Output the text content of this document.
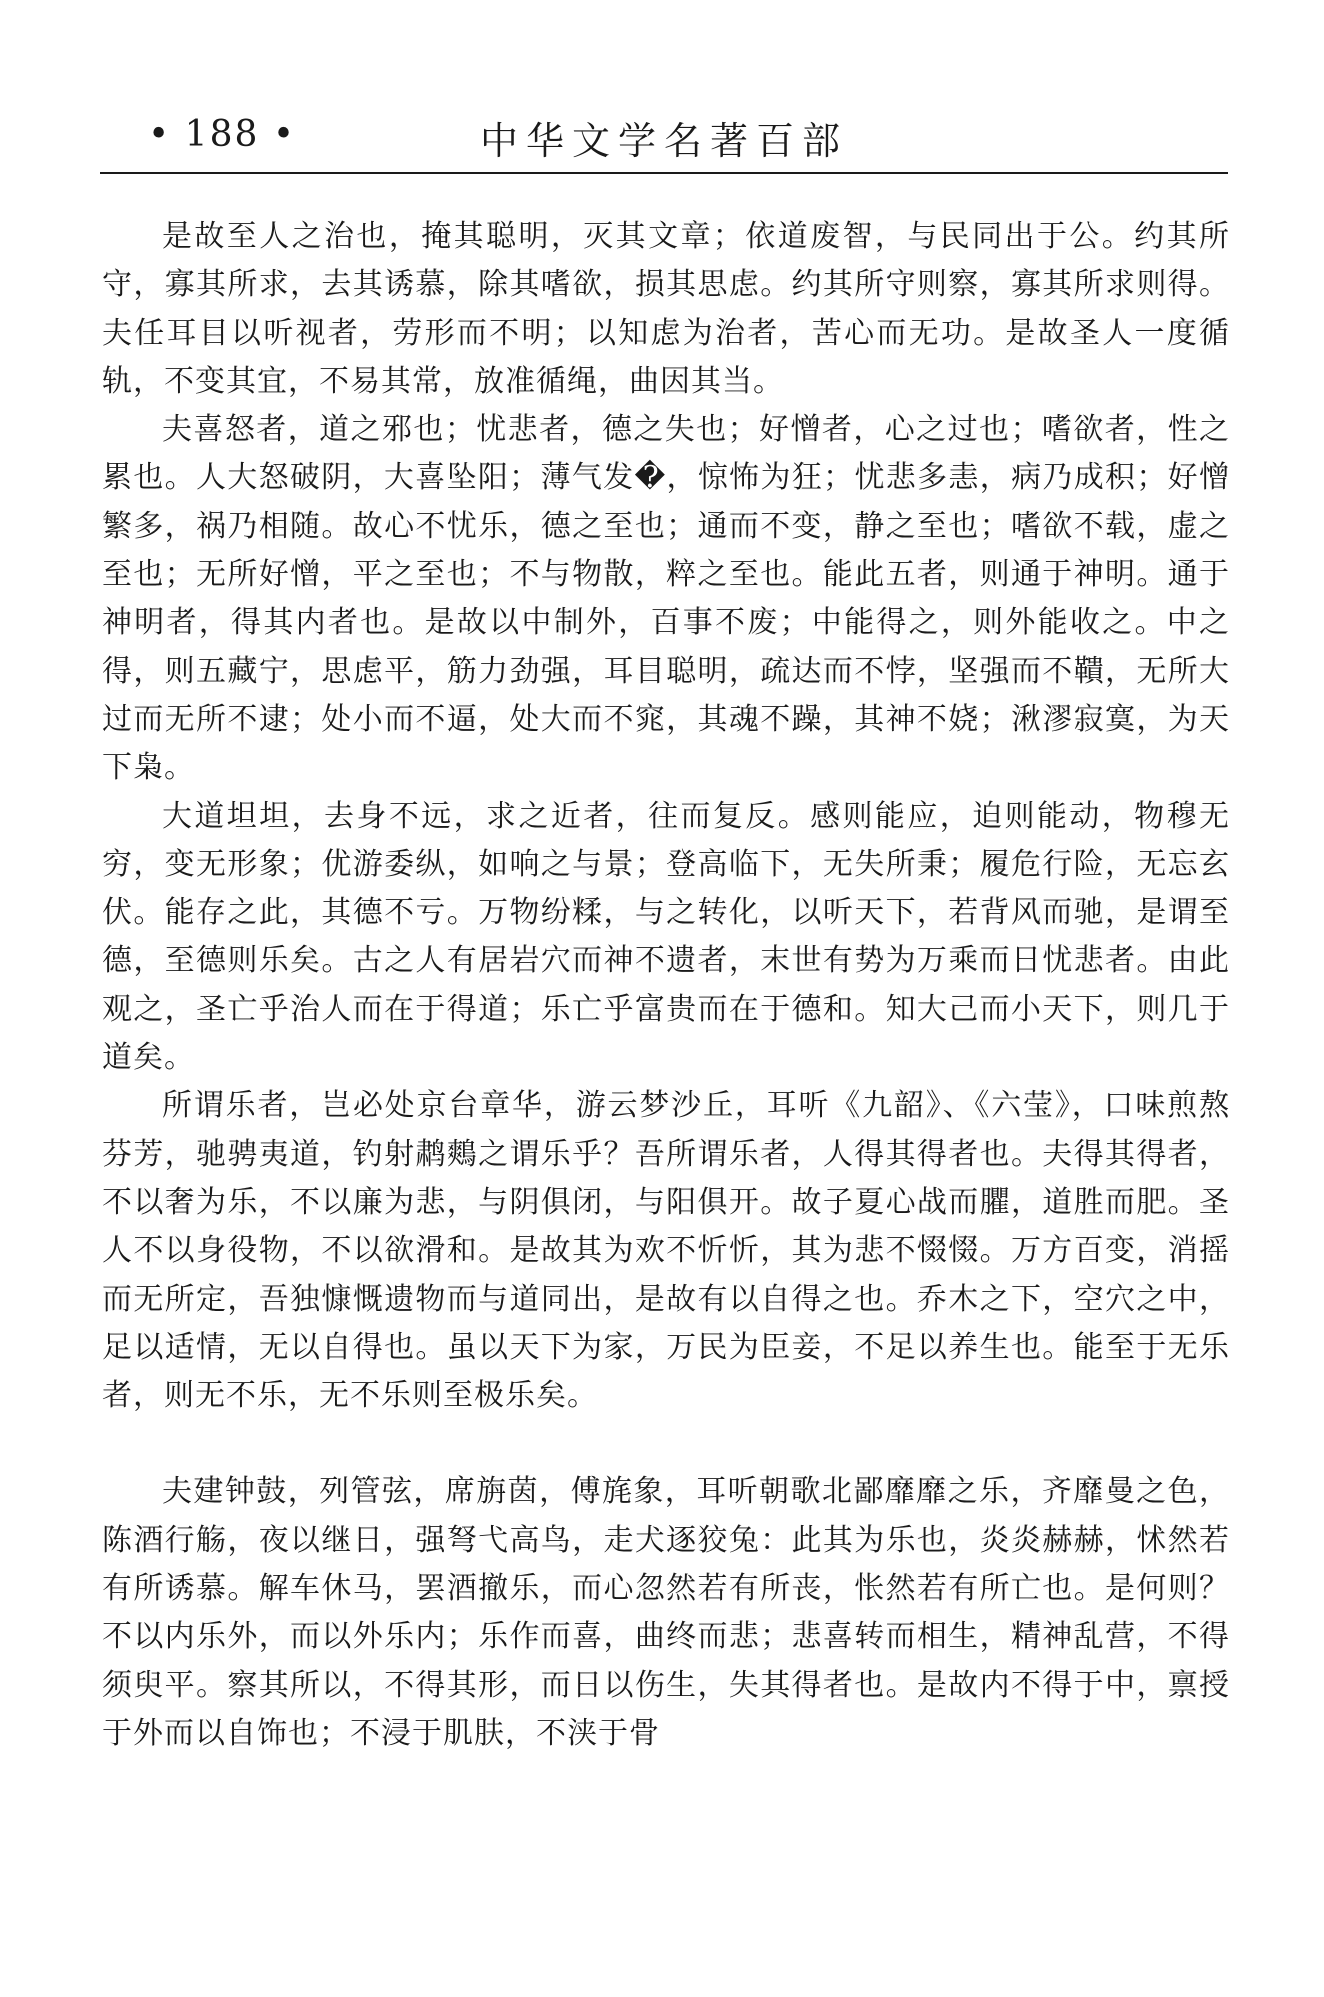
• 188 •	中华文学名著百部

是故至人之治也，掩其聪明，灭其文章；依道废智，与民同出于公。约其所守，寡其所求，去其诱慕，除其嗜欲，损其思虑。约其所守则察，寡其所求则得。夫任耳目以听视者，劳形而不明；以知虑为治者，苦心而无功。是故圣人一度循轨，不变其宜，不易其常，放准循绳，曲因其当。

夫喜怒者，道之邪也；忧悲者，德之失也；好憎者，心之过也；嗜欲者，性之累也。人大怒破阴，大喜坠阳；薄气发�，惊怖为狂；忧悲多恚，病乃成积；好憎繁多，祸乃相随。故心不忧乐，德之至也；通而不变，静之至也；嗜欲不载，虚之至也；无所好憎，平之至也；不与物散，粹之至也。能此五者，则通于神明。通于神明者，得其内者也。是故以中制外，百事不废；中能得之，则外能收之。中之得，则五藏宁，思虑平，筋力劲强，耳目聪明，疏达而不悖，坚强而不鞼，无所大过而无所不逮；处小而不逼，处大而不窕，其魂不躁，其神不娆；湫漻寂寞，为天下枭。

大道坦坦，去身不远，求之近者，往而复反。感则能应，迫则能动，物穆无穷，变无形象；优游委纵，如响之与景；登高临下，无失所秉；履危行险，无忘玄伏。能存之此，其德不亏。万物纷糅，与之转化，以听天下，若背风而驰，是谓至德，至德则乐矣。古之人有居岩穴而神不遗者，末世有势为万乘而日忧悲者。由此观之，圣亡乎治人而在于得道；乐亡乎富贵而在于德和。知大己而小天下，则几于道矣。

所谓乐者，岂必处京台章华，游云梦沙丘，耳听《九韶》、《六莹》，口味煎熬芬芳，驰骋夷道，钓射鹔鷞之谓乐乎？吾所谓乐者，人得其得者也。夫得其得者，不以奢为乐，不以廉为悲，与阴俱闭，与阳俱开。故子夏心战而臞，道胜而肥。圣人不以身役物，不以欲滑和。是故其为欢不忻忻，其为悲不惙惙。万方百变，消摇而无所定，吾独慷慨遗物而与道同出，是故有以自得之也。乔木之下，空穴之中，足以适情，无以自得也。虽以天下为家，万民为臣妾，不足以养生也。能至于无乐者，则无不乐，无不乐则至极乐矣。

夫建钟鼓，列管弦，席旃茵，傅旄象，耳听朝歌北鄙靡靡之乐，齐靡曼之色，陈酒行觞，夜以继日，强弩弋高鸟，走犬逐狡兔：此其为乐也，炎炎赫赫，怵然若有所诱慕。解车休马，罢酒撤乐，而心忽然若有所丧，怅然若有所亡也。是何则？不以内乐外，而以外乐内；乐作而喜，曲终而悲；悲喜转而相生，精神乱营，不得须臾平。察其所以，不得其形，而日以伤生，失其得者也。是故内不得于中，禀授于外而以自饰也；不浸于肌肤，不浃于骨
